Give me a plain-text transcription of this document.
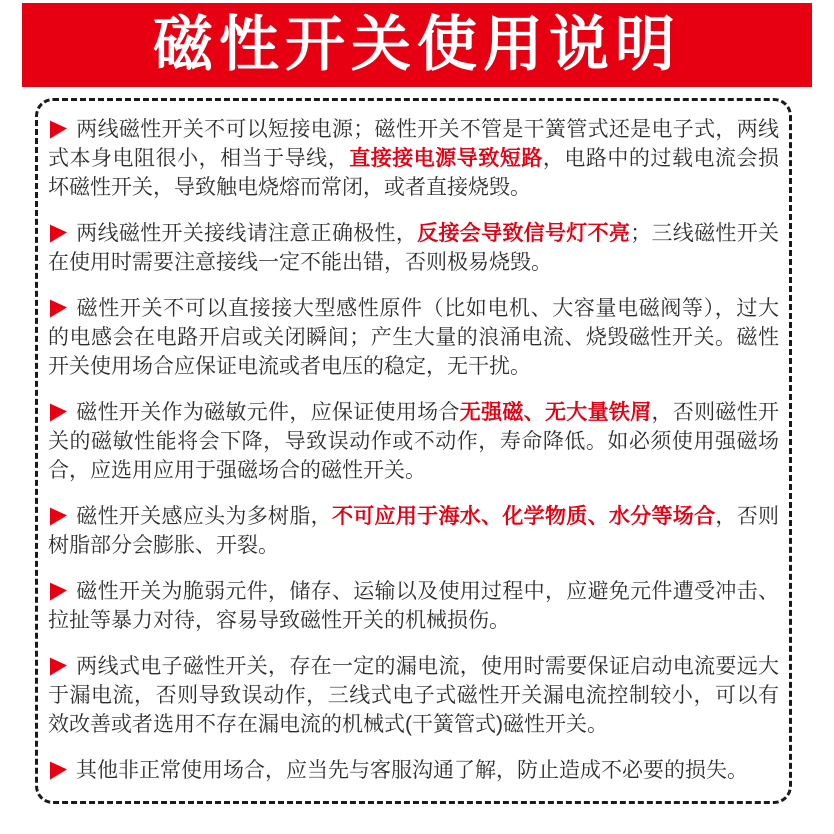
磁性开关使用说明

两线磁性开关不可以短接电源；磁性开关不管是干簧管式还是电子式，两线式本身电阻很小，相当于导线，直接接电源导致短路，电路中的过载电流会损坏磁性开关，导致触电烧熔而常闭，或者直接烧毁。

两线磁性开关接线请注意正确极性，反接会导致信号灯不亮；三线磁性开关在使用时需要注意接线一定不能出错，否则极易烧毁。

磁性开关不可以直接接大型感性原件（比如电机、大容量电磁阀等），过大的电感会在电路开启或关闭瞬间；产生大量的浪涌电流、烧毁磁性开关。磁性开关使用场合应保证电流或者电压的稳定，无干扰。

磁性开关作为磁敏元件，应保证使用场合无强磁、无大量铁屑，否则磁性开关的磁敏性能将会下降，导致误动作或不动作，寿命降低。如必须使用强磁场合，应选用应用于强磁场合的磁性开关。

磁性开关感应头为多树脂，不可应用于海水、化学物质、水分等场合，否则树脂部分会膨胀、开裂。

磁性开关为脆弱元件，储存、运输以及使用过程中，应避免元件遭受冲击、拉扯等暴力对待，容易导致磁性开关的机械损伤。

两线式电子磁性开关，存在一定的漏电流，使用时需要保证启动电流要远大于漏电流，否则导致误动作，三线式电子式磁性开关漏电流控制较小，可以有效改善或者选用不存在漏电流的机械式(干簧管式)磁性开关。

其他非正常使用场合，应当先与客服沟通了解，防止造成不必要的损失。
